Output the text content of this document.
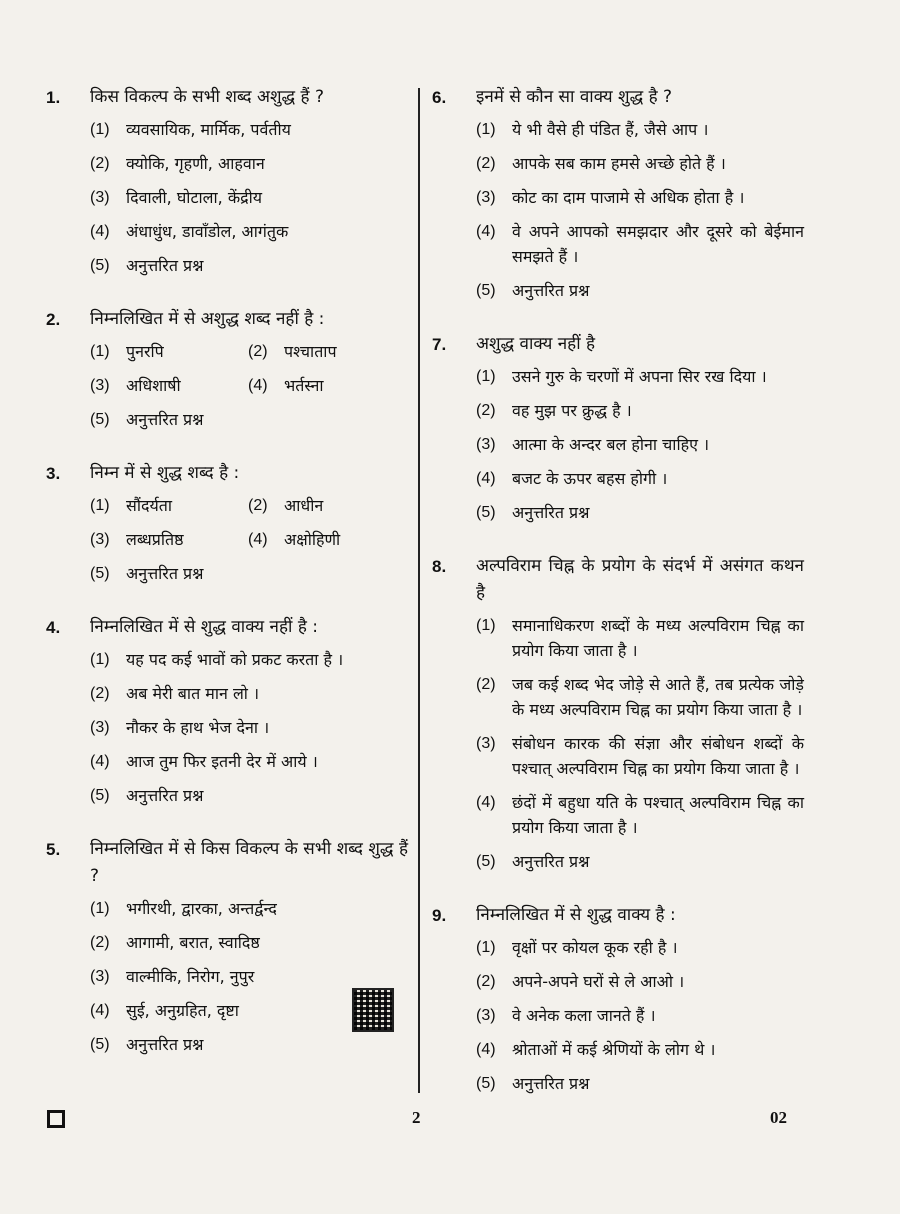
1.	किस विकल्प के सभी शब्द अशुद्ध हैं ?
(1)	व्यवसायिक, मार्मिक, पर्वतीय
(2)	क्योकि, गृहणी, आहवान
(3)	दिवाली, घोटाला, केंद्रीय
(4)	अंधाधुंध, डावाँडोल, आगंतुक
(5)	अनुत्तरित प्रश्न
2.	निम्नलिखित में से अशुद्ध शब्द नहीं है :
(1)	पुनरपि	(2)	पश्चाताप
(3)	अधिशाषी	(4)	भर्तस्ना
(5)	अनुत्तरित प्रश्न
3.	निम्न में से शुद्ध शब्द है :
(1)	सौंदर्यता	(2)	आधीन
(3)	लब्धप्रतिष्ठ	(4)	अक्षोहिणी
(5)	अनुत्तरित प्रश्न
4.	निम्नलिखित में से शुद्ध वाक्य नहीं है :
(1)	यह पद कई भावों को प्रकट करता है ।
(2)	अब मेरी बात मान लो ।
(3)	नौकर के हाथ भेज देना ।
(4)	आज तुम फिर इतनी देर में आये ।
(5)	अनुत्तरित प्रश्न
5.	निम्नलिखित में से किस विकल्प के सभी शब्द शुद्ध हैं ?
(1)	भगीरथी, द्वारका, अन्तर्द्वन्द
(2)	आगामी, बरात, स्वादिष्ठ
(3)	वाल्मीकि, निरोग, नुपुर
(4)	सुई, अनुग्रहित, दृष्टा
(5)	अनुत्तरित प्रश्न
6.	इनमें से कौन सा वाक्य शुद्ध है ?
(1)	ये भी वैसे ही पंडित हैं, जैसे आप ।
(2)	आपके सब काम हमसे अच्छे होते हैं ।
(3)	कोट का दाम पाजामे से अधिक होता है ।
(4)	वे अपने आपको समझदार और दूसरे को बेईमान समझते हैं ।
(5)	अनुत्तरित प्रश्न
7.	अशुद्ध वाक्य नहीं है
(1)	उसने गुरु के चरणों में अपना सिर रख दिया ।
(2)	वह मुझ पर क्रुद्ध है ।
(3)	आत्मा के अन्दर बल होना चाहिए ।
(4)	बजट के ऊपर बहस होगी ।
(5)	अनुत्तरित प्रश्न
8.	अल्पविराम चिह्न के प्रयोग के संदर्भ में असंगत कथन है
(1)	समानाधिकरण शब्दों के मध्य अल्पविराम चिह्न का प्रयोग किया जाता है ।
(2)	जब कई शब्द भेद जोड़े से आते हैं, तब प्रत्येक जोड़े के मध्य अल्पविराम चिह्न का प्रयोग किया जाता है ।
(3)	संबोधन कारक की संज्ञा और संबोधन शब्दों के पश्चात् अल्पविराम चिह्न का प्रयोग किया जाता है ।
(4)	छंदों में बहुधा यति के पश्चात् अल्पविराम चिह्न का प्रयोग किया जाता है ।
(5)	अनुत्तरित प्रश्न
9.	निम्नलिखित में से शुद्ध वाक्य है :
(1)	वृक्षों पर कोयल कूक रही है ।
(2)	अपने-अपने घरों से ले आओ ।
(3)	वे अनेक कला जानते हैं ।
(4)	श्रोताओं में कई श्रेणियों के लोग थे ।
(5)	अनुत्तरित प्रश्न
2	02
